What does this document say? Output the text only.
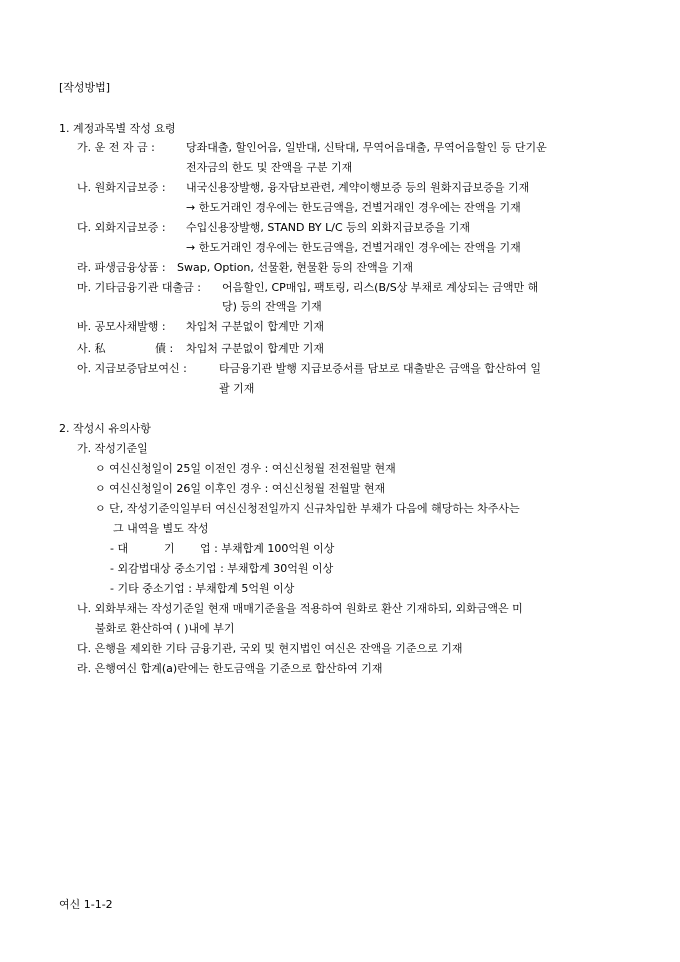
[작성방법]
1. 계정과목별 작성 요령
가. 운 전 자 금 :	당좌대출, 할인어음, 일반대, 신탁대, 무역어음대출, 무역어음할인 등 단기운
전자금의 한도 및 잔액을 구분 기재
나. 원화지급보증 : 내국신용장발행, 융자담보관련, 계약이행보증 등의 원화지급보증을 기재
→ 한도거래인 경우에는 한도금액을, 건별거래인 경우에는 잔액을 기재
다. 외화지급보증 : 수입신용장발행, STAND BY L/C 등의 외화지급보증을 기재
→ 한도거래인 경우에는 한도금액을, 건별거래인 경우에는 잔액을 기재
라. 파생금융상품 : Swap, Option, 선물환, 현물환 등의 잔액을 기재
마. 기타금융기관 대출금 : 어음할인, CP매입, 팩토링, 리스(B/S상 부채로 계상되는 금액만 해
당) 등의 잔액을 기재
바. 공모사채발행 : 차입처 구분없이 합계만 기재
사. 私	債 : 차입처 구분없이 합계만 기재
아. 지급보증담보여신 :	타금융기관 발행 지급보증서를 담보로 대출받은 금액을 합산하여 일
괄 기재
2. 작성시 유의사항
가. 작성기준일
ㅇ 여신신청일이 25일 이전인 경우 : 여신신청월 전전월말 현재
ㅇ 여신신청일이 26일 이후인 경우 : 여신신청월 전월말 현재
ㅇ 단, 작성기준익일부터 여신신청전일까지 신규차입한 부채가 다음에 해당하는 차주사는
그 내역을 별도 작성
- 대	기 업 : 부채합계 100억원 이상
- 외감법대상 중소기업 : 부채합계 30억원 이상
- 기타 중소기업 : 부채합계 5억원 이상
나. 외화부채는 작성기준일 현재 매매기준율을 적용하여 원화로 환산 기재하되, 외화금액은 미
불화로 환산하여 ( )내에 부기
다. 은행을 제외한 기타 금융기관, 국외 및 현지법인 여신은 잔액을 기준으로 기재
라. 은행여신 합계(a)란에는 한도금액을 기준으로 합산하여 기재
여신 1-1-2
